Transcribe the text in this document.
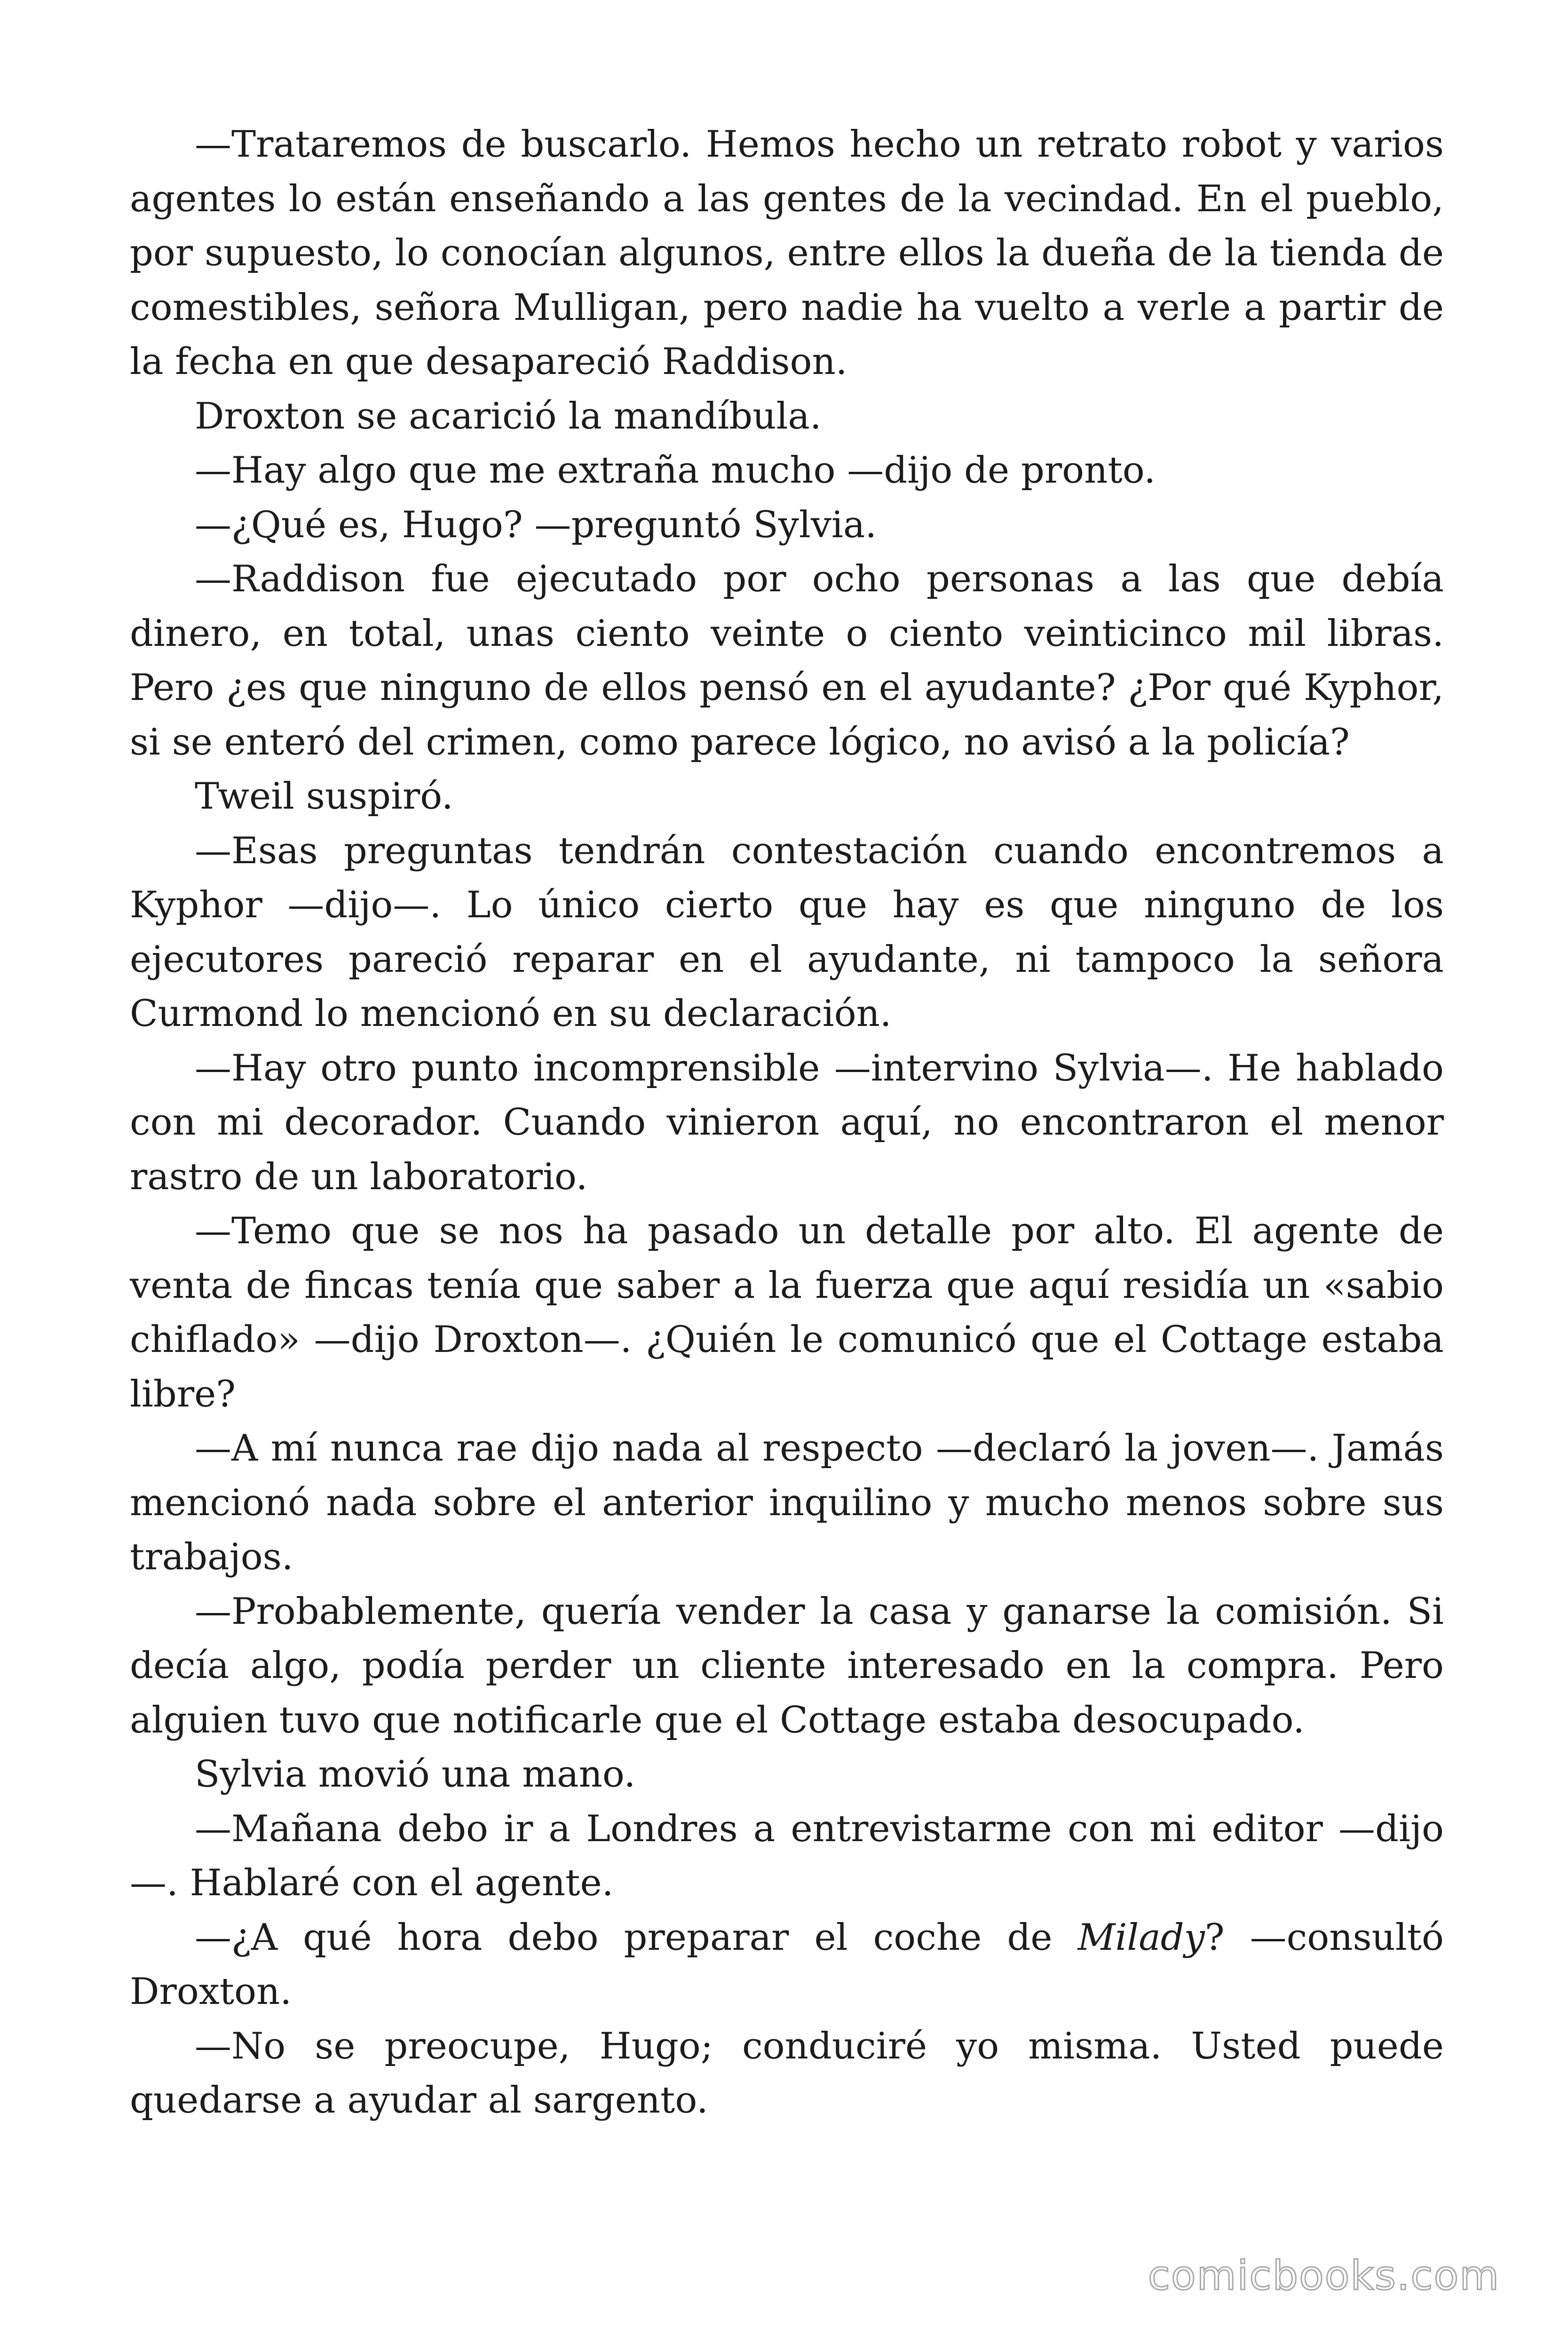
—Trataremos de buscarlo. Hemos hecho un retrato robot y varios agentes lo están enseñando a las gentes de la vecindad. En el pueblo, por supuesto, lo conocían algunos, entre ellos la dueña de la tienda de comestibles, señora Mulligan, pero nadie ha vuelto a verle a partir de la fecha en que desapareció Raddison.

Droxton se acarició la mandíbula.

—Hay algo que me extraña mucho —dijo de pronto.

—¿Qué es, Hugo? —preguntó Sylvia.

—Raddison fue ejecutado por ocho personas a las que debía dinero, en total, unas ciento veinte o ciento veinticinco mil libras. Pero ¿es que ninguno de ellos pensó en el ayudante? ¿Por qué Kyphor, si se enteró del crimen, como parece lógico, no avisó a la policía?

Tweil suspiró.

—Esas preguntas tendrán contestación cuando encontremos a Kyphor —dijo—. Lo único cierto que hay es que ninguno de los ejecutores pareció reparar en el ayudante, ni tampoco la señora Curmond lo mencionó en su declaración.

—Hay otro punto incomprensible —intervino Sylvia—. He hablado con mi decorador. Cuando vinieron aquí, no encontraron el menor rastro de un laboratorio.

—Temo que se nos ha pasado un detalle por alto. El agente de venta de fincas tenía que saber a la fuerza que aquí residía un «sabio chiflado» —dijo Droxton—. ¿Quién le comunicó que el Cottage estaba libre?

—A mí nunca rae dijo nada al respecto —declaró la joven—. Jamás mencionó nada sobre el anterior inquilino y mucho menos sobre sus trabajos.

—Probablemente, quería vender la casa y ganarse la comisión. Si decía algo, podía perder un cliente interesado en la compra. Pero alguien tuvo que notificarle que el Cottage estaba desocupado.

Sylvia movió una mano.

—Mañana debo ir a Londres a entrevistarme con mi editor —dijo—. Hablaré con el agente.

—¿A qué hora debo preparar el coche de Milady? —consultó Droxton.

—No se preocupe, Hugo; conduciré yo misma. Usted puede quedarse a ayudar al sargento.

comicbooks.com
